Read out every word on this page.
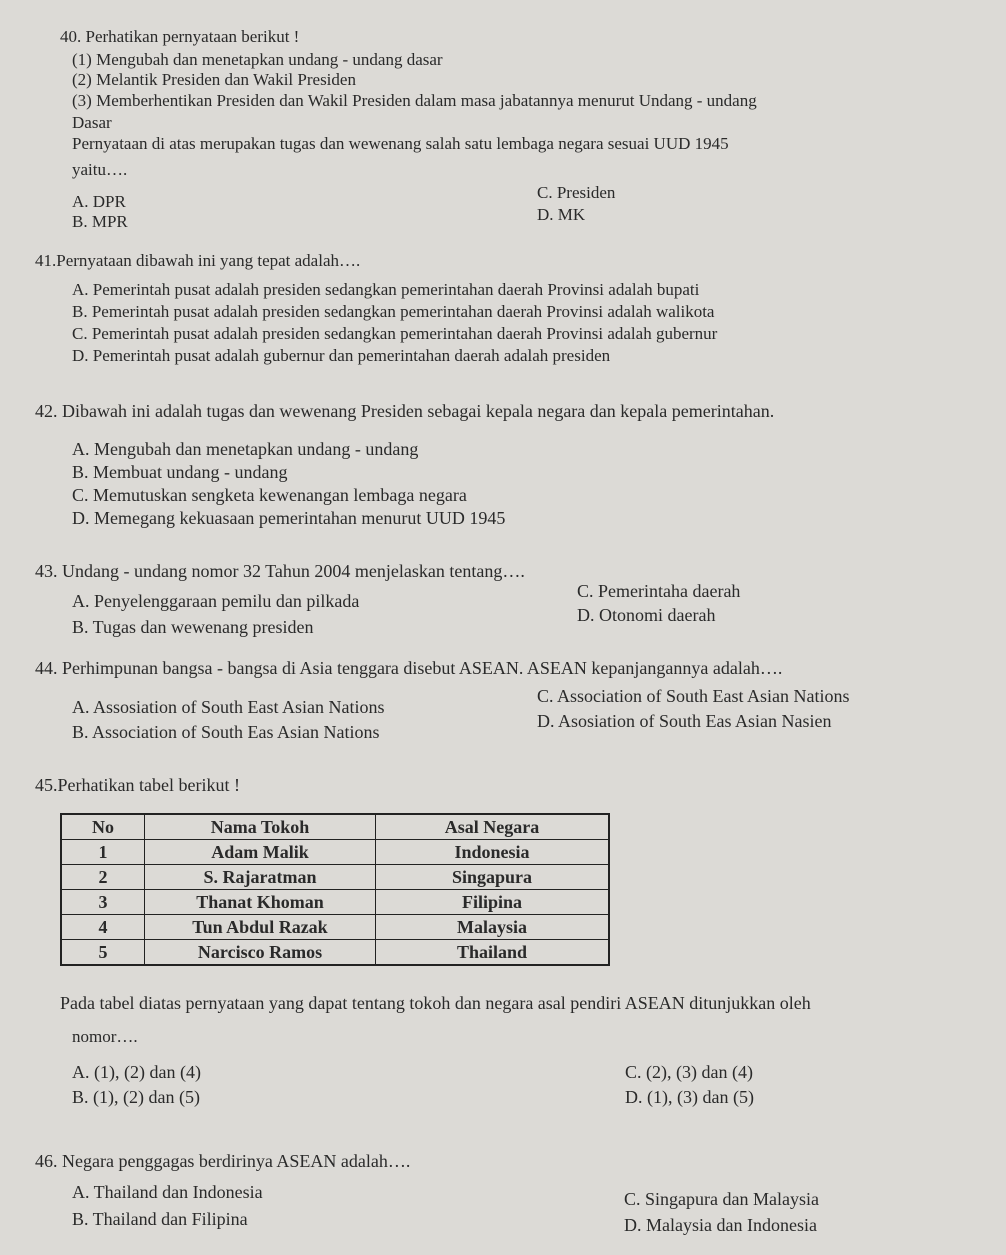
40. Perhatikan pernyataan berikut !
(1) Mengubah dan menetapkan undang - undang dasar
(2) Melantik Presiden dan Wakil Presiden
(3) Memberhentikan Presiden dan Wakil Presiden dalam masa jabatannya menurut Undang - undang
Dasar
Pernyataan di atas merupakan tugas dan wewenang salah satu lembaga negara sesuai UUD 1945
yaitu….
A. DPR
B. MPR
C. Presiden
D. MK
41.Pernyataan dibawah ini yang tepat adalah….
A. Pemerintah pusat adalah presiden sedangkan pemerintahan daerah Provinsi adalah bupati
B. Pemerintah pusat adalah presiden sedangkan pemerintahan daerah Provinsi adalah walikota
C. Pemerintah pusat adalah presiden sedangkan pemerintahan daerah Provinsi adalah gubernur
D. Pemerintah pusat adalah gubernur dan pemerintahan daerah adalah presiden
42. Dibawah ini adalah tugas dan wewenang Presiden sebagai kepala negara dan kepala pemerintahan.
A. Mengubah dan menetapkan undang - undang
B. Membuat undang - undang
C. Memutuskan sengketa kewenangan lembaga negara
D. Memegang kekuasaan pemerintahan menurut UUD 1945
43. Undang - undang nomor 32 Tahun 2004 menjelaskan tentang….
A. Penyelenggaraan pemilu dan pilkada
B. Tugas dan wewenang presiden
C. Pemerintaha daerah
D. Otonomi daerah
44. Perhimpunan bangsa - bangsa di Asia tenggara disebut ASEAN. ASEAN kepanjangannya adalah….
A. Assosiation of South East Asian Nations
B. Association of South Eas Asian Nations
C. Association of South East Asian Nations
D. Asosiation of South Eas Asian Nasien
45.Perhatikan tabel berikut !
No	Nama Tokoh	Asal Negara
1	Adam Malik	Indonesia
2	S. Rajaratman	Singapura
3	Thanat Khoman	Filipina
4	Tun Abdul Razak	Malaysia
5	Narcisco Ramos	Thailand
Pada tabel diatas pernyataan yang dapat tentang tokoh dan negara asal pendiri ASEAN ditunjukkan oleh
nomor….
A. (1), (2) dan (4)
B. (1), (2) dan (5)
C. (2), (3) dan (4)
D. (1), (3) dan (5)
46. Negara penggagas berdirinya ASEAN adalah….
A. Thailand dan Indonesia
B. Thailand dan Filipina
C. Singapura dan Malaysia
D. Malaysia dan Indonesia
